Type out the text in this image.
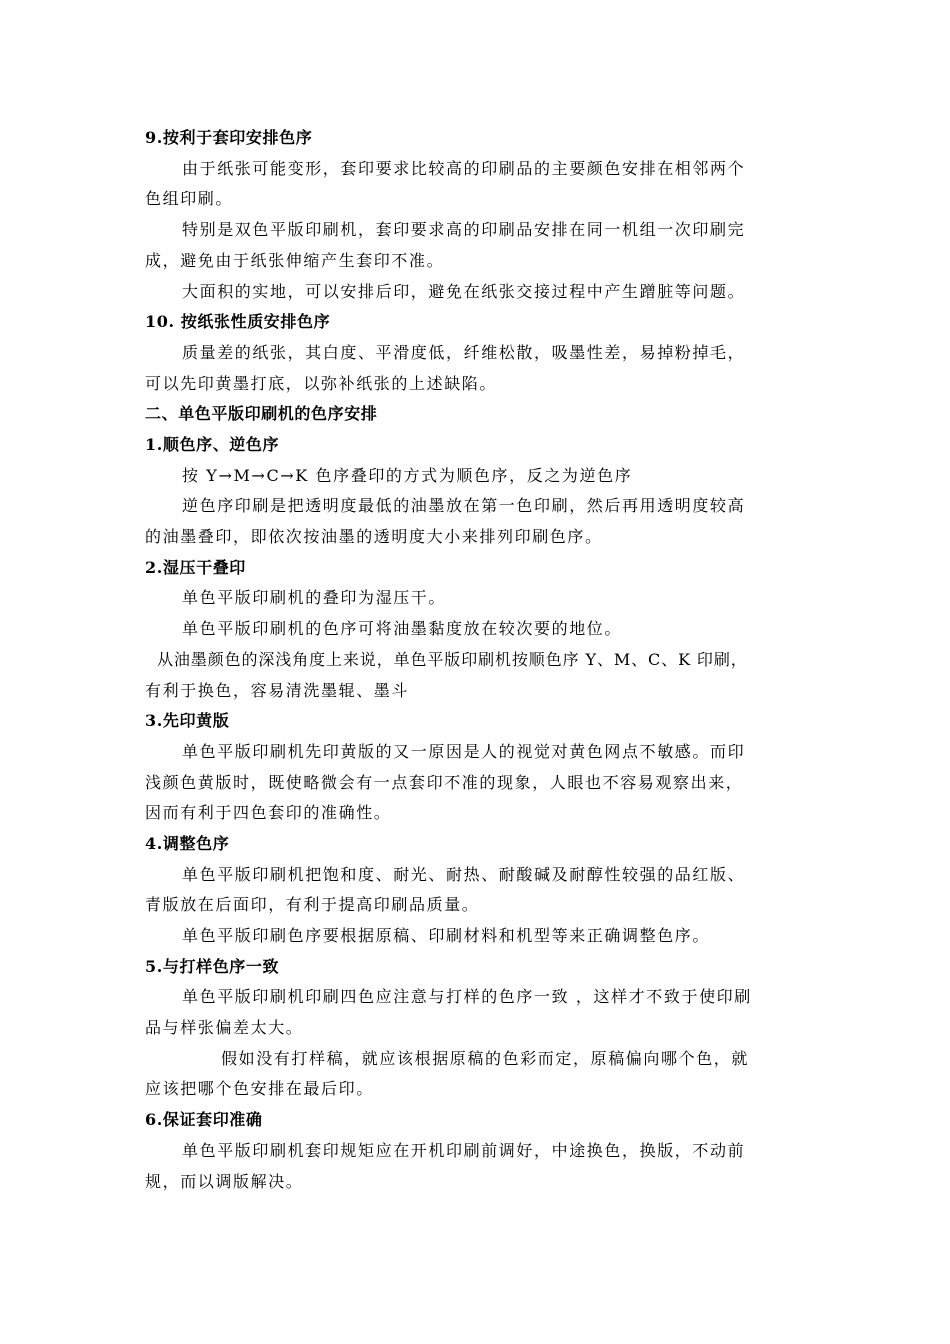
9.按利于套印安排色序
由于纸张可能变形，套印要求比较高的印刷品的主要颜色安排在相邻两个
色组印刷。
特别是双色平版印刷机，套印要求高的印刷品安排在同一机组一次印刷完
成，避免由于纸张伸缩产生套印不准。
大面积的实地，可以安排后印，避免在纸张交接过程中产生蹭脏等问题。
10. 按纸张性质安排色序
质量差的纸张，其白度、平滑度低，纤维松散，吸墨性差，易掉粉掉毛，
可以先印黄墨打底，以弥补纸张的上述缺陷。
二、单色平版印刷机的色序安排
1.顺色序、逆色序
按 Y→M→C→K 色序叠印的方式为顺色序，反之为逆色序
逆色序印刷是把透明度最低的油墨放在第一色印刷，然后再用透明度较高
的油墨叠印，即依次按油墨的透明度大小来排列印刷色序。
2.湿压干叠印
单色平版印刷机的叠印为湿压干。
单色平版印刷机的色序可将油墨黏度放在较次要的地位。
从油墨颜色的深浅角度上来说，单色平版印刷机按顺色序 Y、M、C、K 印刷，
有利于换色，容易清洗墨辊、墨斗
3.先印黄版
单色平版印刷机先印黄版的又一原因是人的视觉对黄色网点不敏感。而印
浅颜色黄版时，既使略微会有一点套印不准的现象，人眼也不容易观察出来，
因而有利于四色套印的准确性。
4.调整色序
单色平版印刷机把饱和度、耐光、耐热、耐酸碱及耐醇性较强的品红版、
青版放在后面印，有利于提高印刷品质量。
单色平版印刷色序要根据原稿、印刷材料和机型等来正确调整色序。
5.与打样色序一致
单色平版印刷机印刷四色应注意与打样的色序一致 ，这样才不致于使印刷
品与样张偏差太大。
假如没有打样稿，就应该根据原稿的色彩而定，原稿偏向哪个色，就
应该把哪个色安排在最后印。
6.保证套印准确
单色平版印刷机套印规矩应在开机印刷前调好，中途换色，换版，不动前
规，而以调版解决。
